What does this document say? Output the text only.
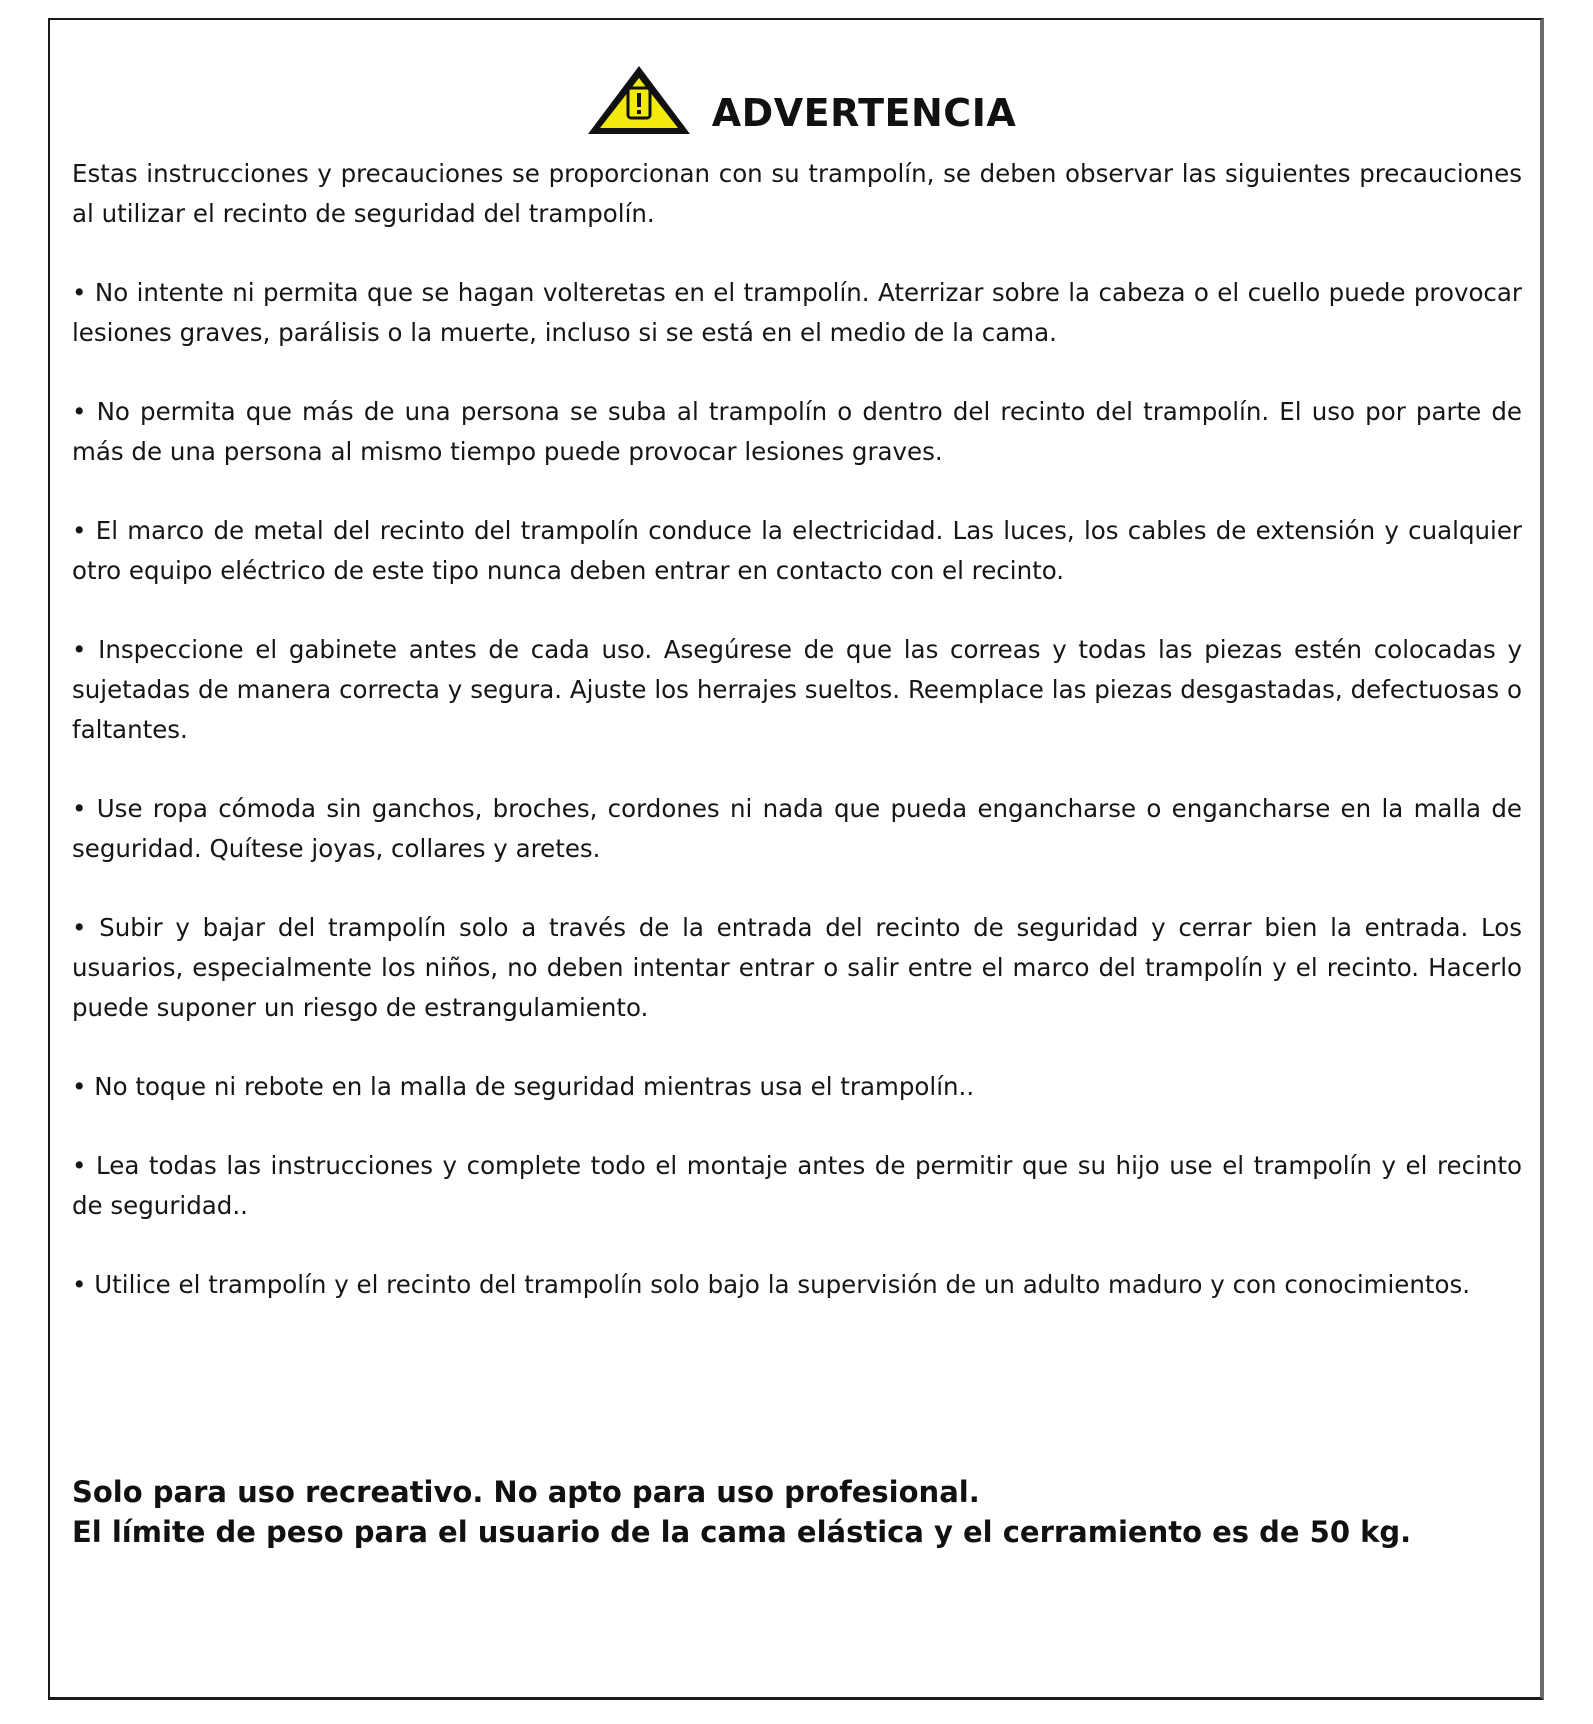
ADVERTENCIA

Estas instrucciones y precauciones se proporcionan con su trampolín, se deben observar las siguientes precauciones al utilizar el recinto de seguridad del trampolín.

• No intente ni permita que se hagan volteretas en el trampolín. Aterrizar sobre la cabeza o el cuello puede provocar lesiones graves, parálisis o la muerte, incluso si se está en el medio de la cama.

• No permita que más de una persona se suba al trampolín o dentro del recinto del trampolín. El uso por parte de más de una persona al mismo tiempo puede provocar lesiones graves.

• El marco de metal del recinto del trampolín conduce la electricidad. Las luces, los cables de extensión y cualquier otro equipo eléctrico de este tipo nunca deben entrar en contacto con el recinto.

• Inspeccione el gabinete antes de cada uso. Asegúrese de que las correas y todas las piezas estén colocadas y sujetadas de manera correcta y segura. Ajuste los herrajes sueltos. Reemplace las piezas desgastadas, defectuosas o faltantes.

• Use ropa cómoda sin ganchos, broches, cordones ni nada que pueda engancharse o engancharse en la malla de seguridad. Quítese joyas, collares y aretes.

• Subir y bajar del trampolín solo a través de la entrada del recinto de seguridad y cerrar bien la entrada. Los usuarios, especialmente los niños, no deben intentar entrar o salir entre el marco del trampolín y el recinto. Hacerlo puede suponer un riesgo de estrangulamiento.

• No toque ni rebote en la malla de seguridad mientras usa el trampolín..

• Lea todas las instrucciones y complete todo el montaje antes de permitir que su hijo use el trampolín y el recinto de seguridad..

• Utilice el trampolín y el recinto del trampolín solo bajo la supervisión de un adulto maduro y con conocimientos.

Solo para uso recreativo. No apto para uso profesional.
El límite de peso para el usuario de la cama elástica y el cerramiento es de 50 kg.
